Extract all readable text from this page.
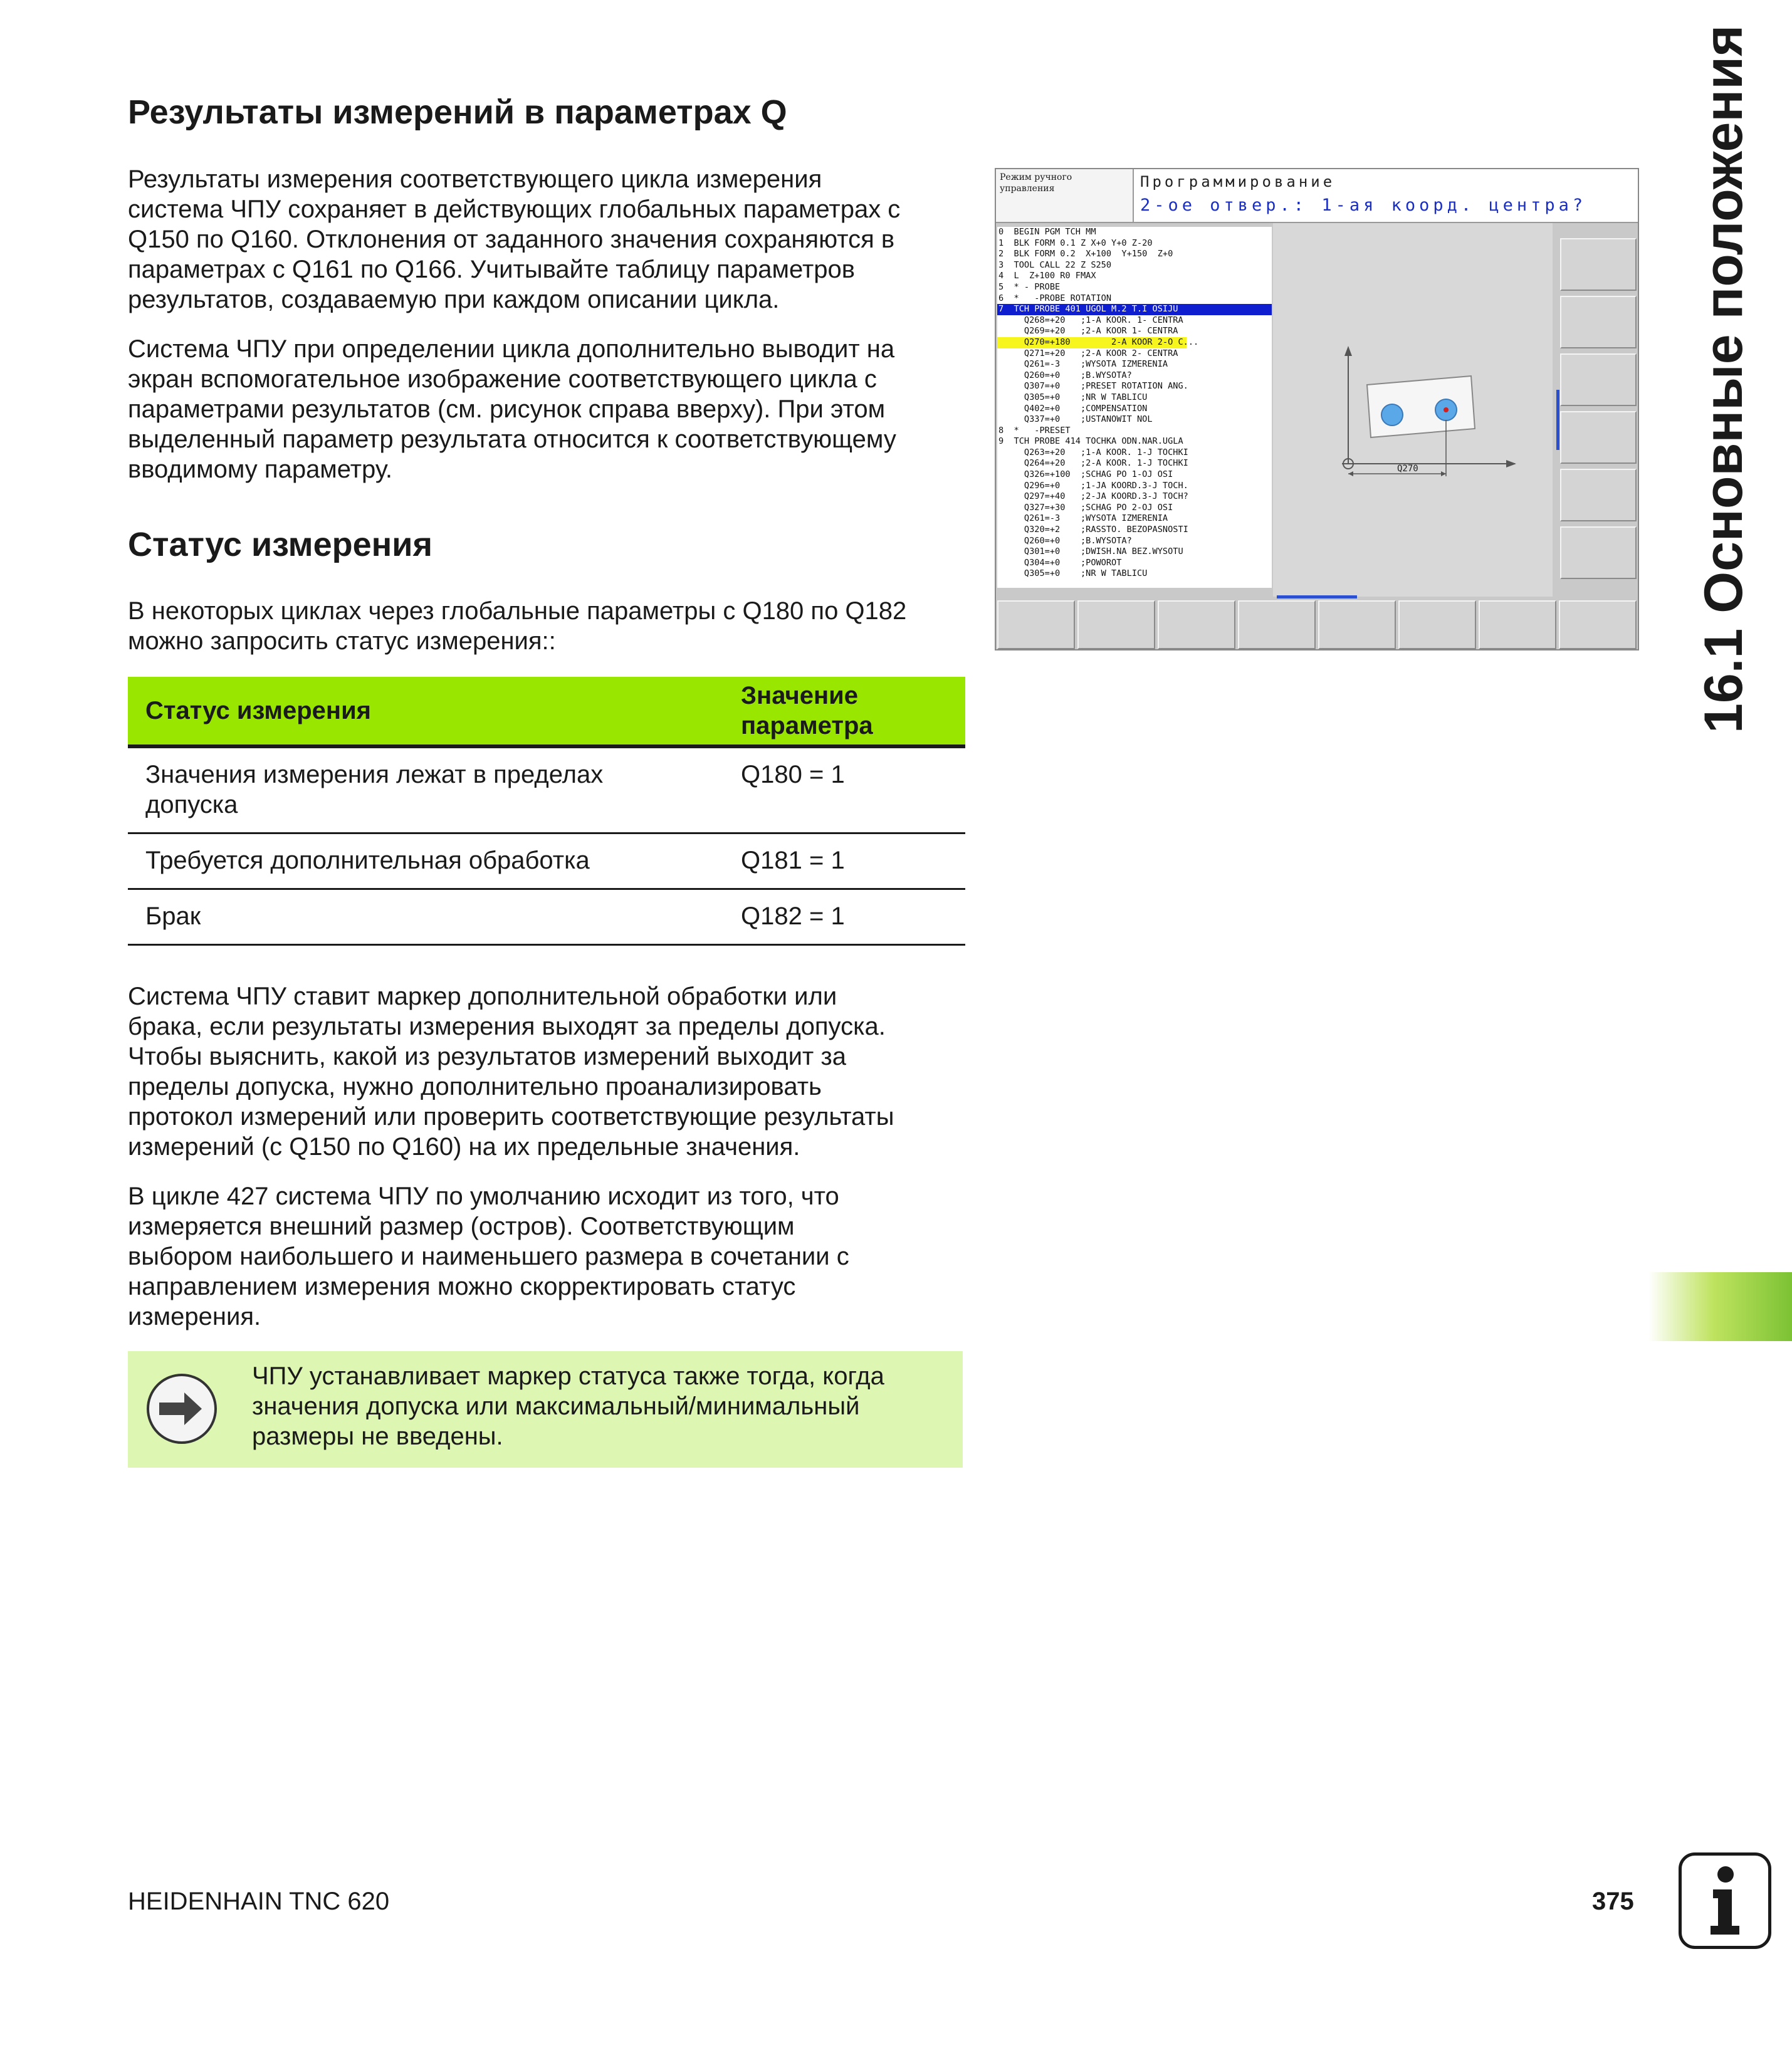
Результаты измерений в параметрах Q
Результаты измерения соответствующего цикла измерения
система ЧПУ сохраняет в действующих глобальных параметрах с
Q150 по Q160. Отклонения от заданного значения сохраняются в
параметрах с Q161 по Q166. Учитывайте таблицу параметров
результатов, создаваемую при каждом описании цикла.
Система ЧПУ при определении цикла дополнительно выводит на
экран вспомогательное изображение соответствующего цикла с
параметрами результатов (см. рисунок справа вверху). При этом
выделенный параметр результата относится к соответствующему
вводимому параметру.
Статус измерения
В некоторых циклах через глобальные параметры с Q180 по Q182
можно запросить статус измерения::
Статус измерения	Значение параметра
Значения измерения лежат в пределах допуска	Q180 = 1
Требуется дополнительная обработка	Q181 = 1
Брак	Q182 = 1
Система ЧПУ ставит маркер дополнительной обработки или
брака, если результаты измерения выходят за пределы допуска.
Чтобы выяснить, какой из результатов измерений выходит за
пределы допуска, нужно дополнительно проанализировать
протокол измерений или проверить соответствующие результаты
измерений (с Q150 по Q160) на их предельные значения.
В цикле 427 система ЧПУ по умолчанию исходит из того, что
измеряется внешний размер (остров). Соответствующим
выбором наибольшего и наименьшего размера в сочетании с
направлением измерения можно скорректировать статус
измерения.
ЧПУ устанавливает маркер статуса также тогда, когда
значения допуска или максимальный/минимальный
размеры не введены.
Режим ручного
управления	Программирование
2-ое отвер.: 1-ая коорд. центра?
0  BEGIN PGM TCH MM
1  BLK FORM 0.1 Z X+0 Y+0 Z-20
2  BLK FORM 0.2  X+100  Y+150  Z+0
3  TOOL CALL 22 Z S250
4  L  Z+100 R0 FMAX
5  * - PROBE
6  *   -PROBE ROTATION
7  TCH PROBE 401 UGOL M.2 T.I OSIJU
Q268=+20   ;1-A KOOR. 1- CENTRA
Q269=+20   ;2-A KOOR 1- CENTRA
Q270=+180        2-A KOOR 2-O C...
Q271=+20   ;2-A KOOR 2- CENTRA
Q261=-3    ;WYSOTA IZMERENIA
Q260=+0    ;B.WYSOTA?
Q307=+0    ;PRESET ROTATION ANG.
Q305=+0    ;NR W TABLICU
Q402=+0    ;COMPENSATION
Q337=+0    ;USTANOWIT NOL
8  *   -PRESET
9  TCH PROBE 414 TOCHKA ODN.NAR.UGLA
Q263=+20   ;1-A KOOR. 1-J TOCHKI
Q264=+20   ;2-A KOOR. 1-J TOCHKI
Q326=+100  ;SCHAG PO 1-OJ OSI
Q296=+0    ;1-JA KOORD.3-J TOCH.
Q297=+40   ;2-JA KOORD.3-J TOCH?
Q327=+30   ;SCHAG PO 2-OJ OSI
Q261=-3    ;WYSOTA IZMERENIA
Q320=+2    ;RASSTO. BEZOPASNOSTI
Q260=+0    ;B.WYSOTA?
Q301=+0    ;DWISH.NA BEZ.WYSOTU
Q304=+0    ;POWOROT
Q305=+0    ;NR W TABLICU
Q270	16.1 Основные положения
HEIDENHAIN TNC 620	375
